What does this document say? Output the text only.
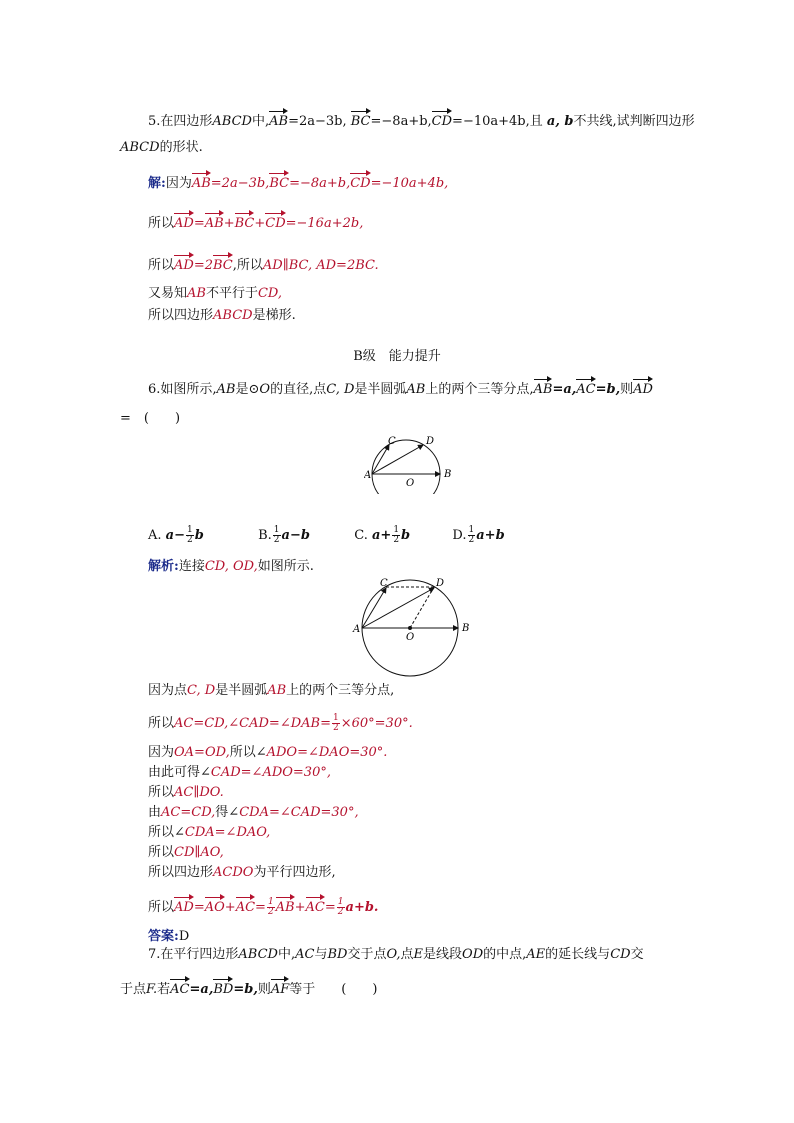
5.在四边形ABCD中,AB=2a−3b, BC=−8a+b,CD=−10a+4b,且 a, b不共线,试判断四边形
ABCD的形状.
解:因为AB=2a−3b,BC=−8a+b,CD=−10a+4b,
所以AD=AB+BC+CD=−16a+2b,
所以AD=2BC,所以AD∥BC, AD=2BC.
又易知AB不平行于CD,
所以四边形ABCD是梯形.
B级　能力提升
6.如图所示,AB是⊙O的直径,点C, D是半圆弧AB上的两个三等分点,AB=a,AC=b,则AD
=　(　　)
A	B
C	D
O
A. $a- \frac{1}{2}$ b	B. $\frac{1}{2} a-b$	C. $a+ \frac{1}{2}$ b	D. $\frac{1}{2} a+b$
解析:连接CD, OD,如图所示.
A	B
C	D
O
因为点C, D是半圆弧AB上的两个三等分点,
所以AC=CD,∠CAD=∠DAB= $\frac{1}{2} \times 60^\circ=30^\circ$.
因为OA=OD,所以∠ADO=∠DAO=30°.
由此可得∠CAD=∠ADO=30°,
所以AC∥DO.
由AC=CD,得∠CDA=∠CAD=30°,
所以∠CDA=∠DAO,
所以CD∥AO,
所以四边形ACDO为平行四边形,
所以$AD=AO+AC= \frac{1}{2} AB+AC= \frac{1}{2} a+b$.
答案:D
7.在平行四边形ABCD中,AC与BD交于点O,点E是线段OD的中点,AE的延长线与CD交
于点F.若AC=a,BD=b,则AF等于　　(　　)
